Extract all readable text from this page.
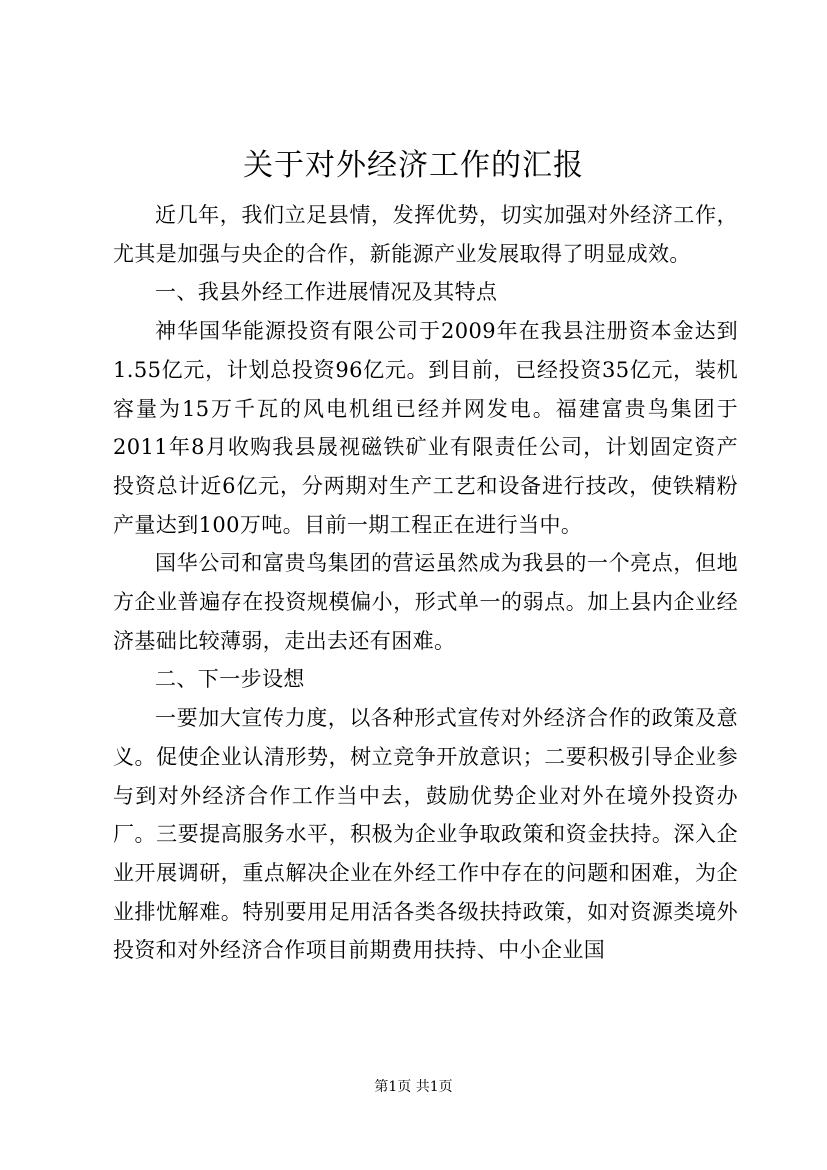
关于对外经济工作的汇报

近几年，我们立足县情，发挥优势，切实加强对外经济工作，尤其是加强与央企的合作，新能源产业发展取得了明显成效。

一、我县外经工作进展情况及其特点

神华国华能源投资有限公司于2009年在我县注册资本金达到1.55亿元，计划总投资96亿元。到目前，已经投资35亿元，装机容量为15万千瓦的风电机组已经并网发电。福建富贵鸟集团于2011年8月收购我县晟视磁铁矿业有限责任公司，计划固定资产投资总计近6亿元，分两期对生产工艺和设备进行技改，使铁精粉产量达到100万吨。目前一期工程正在进行当中。

国华公司和富贵鸟集团的营运虽然成为我县的一个亮点，但地方企业普遍存在投资规模偏小，形式单一的弱点。加上县内企业经济基础比较薄弱，走出去还有困难。

二、下一步设想

一要加大宣传力度，以各种形式宣传对外经济合作的政策及意义。促使企业认清形势，树立竞争开放意识；二要积极引导企业参与到对外经济合作工作当中去，鼓励优势企业对外在境外投资办厂。三要提高服务水平，积极为企业争取政策和资金扶持。深入企业开展调研，重点解决企业在外经工作中存在的问题和困难，为企业排忧解难。特别要用足用活各类各级扶持政策，如对资源类境外投资和对外经济合作项目前期费用扶持、中小企业国

第1页 共1页
